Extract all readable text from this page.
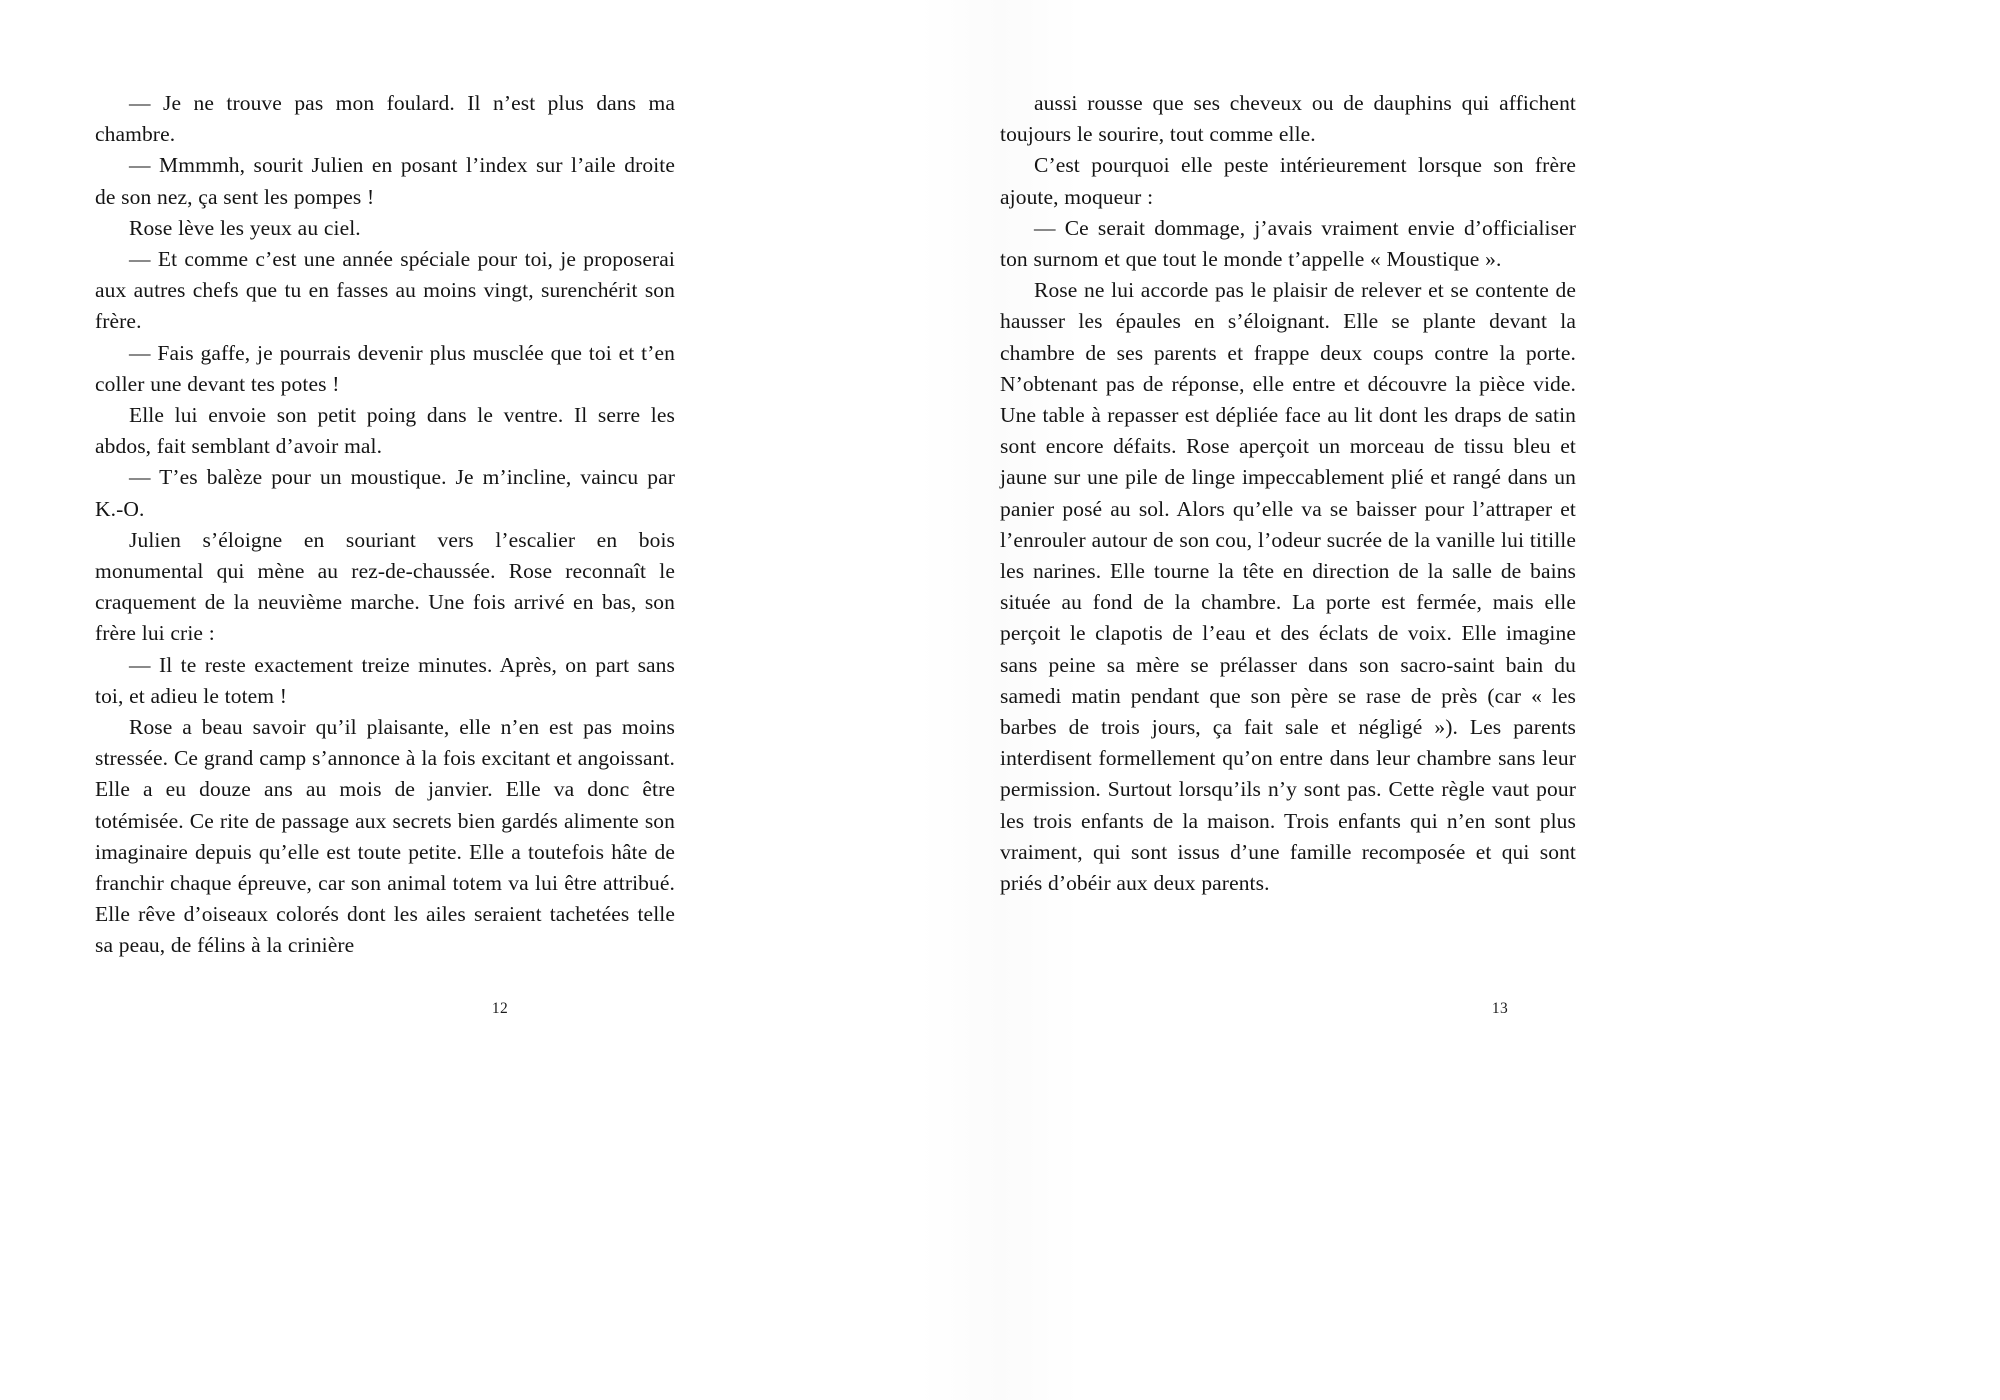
— Je ne trouve pas mon foulard. Il n’est plus dans ma chambre.

— Mmmmh, sourit Julien en posant l’index sur l’aile droite de son nez, ça sent les pompes !

Rose lève les yeux au ciel.

— Et comme c’est une année spéciale pour toi, je proposerai aux autres chefs que tu en fasses au moins vingt, surenchérit son frère.

— Fais gaffe, je pourrais devenir plus musclée que toi et t’en coller une devant tes potes !

Elle lui envoie son petit poing dans le ventre. Il serre les abdos, fait semblant d’avoir mal.

— T’es balèze pour un moustique. Je m’incline, vaincu par K.-O.

Julien s’éloigne en souriant vers l’escalier en bois monumental qui mène au rez-de-chaussée. Rose reconnaît le craquement de la neuvième marche. Une fois arrivé en bas, son frère lui crie :

— Il te reste exactement treize minutes. Après, on part sans toi, et adieu le totem !

Rose a beau savoir qu’il plaisante, elle n’en est pas moins stressée. Ce grand camp s’annonce à la fois excitant et angoissant. Elle a eu douze ans au mois de janvier. Elle va donc être totémisée. Ce rite de passage aux secrets bien gardés alimente son imaginaire depuis qu’elle est toute petite. Elle a toutefois hâte de franchir chaque épreuve, car son animal totem va lui être attribué. Elle rêve d’oiseaux colorés dont les ailes seraient tachetées telle sa peau, de félins à la crinière

12

aussi rousse que ses cheveux ou de dauphins qui affichent toujours le sourire, tout comme elle.

C’est pourquoi elle peste intérieurement lorsque son frère ajoute, moqueur :

— Ce serait dommage, j’avais vraiment envie d’officialiser ton surnom et que tout le monde t’appelle « Moustique ».

Rose ne lui accorde pas le plaisir de relever et se contente de hausser les épaules en s’éloignant. Elle se plante devant la chambre de ses parents et frappe deux coups contre la porte. N’obtenant pas de réponse, elle entre et découvre la pièce vide. Une table à repasser est dépliée face au lit dont les draps de satin sont encore défaits. Rose aperçoit un morceau de tissu bleu et jaune sur une pile de linge impeccablement plié et rangé dans un panier posé au sol. Alors qu’elle va se baisser pour l’attraper et l’enrouler autour de son cou, l’odeur sucrée de la vanille lui titille les narines. Elle tourne la tête en direction de la salle de bains située au fond de la chambre. La porte est fermée, mais elle perçoit le clapotis de l’eau et des éclats de voix. Elle imagine sans peine sa mère se prélasser dans son sacro-saint bain du samedi matin pendant que son père se rase de près (car « les barbes de trois jours, ça fait sale et négligé »). Les parents interdisent formellement qu’on entre dans leur chambre sans leur permission. Surtout lorsqu’ils n’y sont pas. Cette règle vaut pour les trois enfants de la maison. Trois enfants qui n’en sont plus vraiment, qui sont issus d’une famille recomposée et qui sont priés d’obéir aux deux parents.

13
